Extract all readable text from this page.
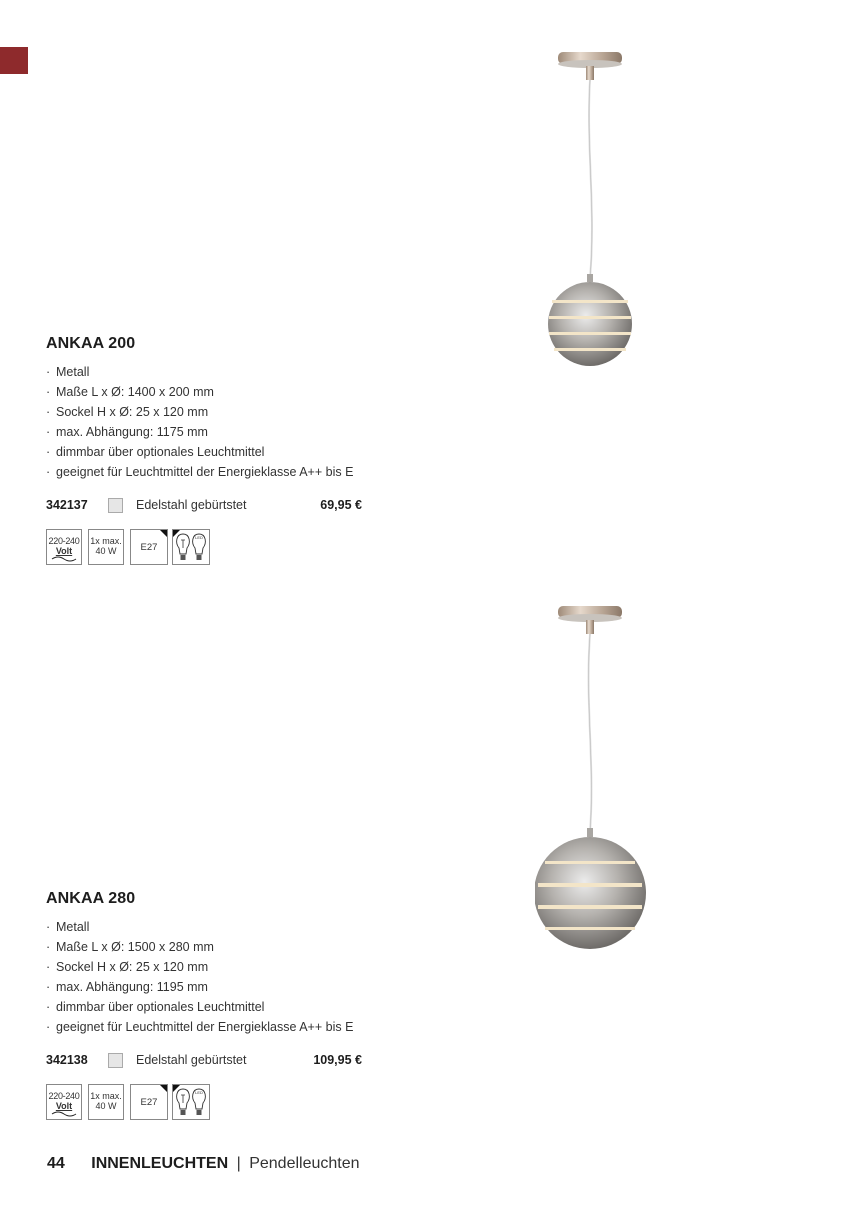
ANKAA 200
· Metall
· Maße L x Ø: 1400 x 200 mm
· Sockel H x Ø: 25 x 120 mm
· max. Abhängung: 1175 mm
· dimmbar über optionales Leuchtmittel
· geeignet für Leuchtmittel der Energieklasse A++ bis E
342137	Edelstahl gebürtstet	69,95 €
220-240
Volt
1x max.
40 W	E27
LED
ANKAA 280
· Metall
· Maße L x Ø: 1500 x 280 mm
· Sockel H x Ø: 25 x 120 mm
· max. Abhängung: 1195 mm
· dimmbar über optionales Leuchtmittel
· geeignet für Leuchtmittel der Energieklasse A++ bis E
342138	Edelstahl gebürtstet	109,95 €
220-240
Volt
1x max.
40 W	E27
LED
44 INNENLEUCHTEN | Pendelleuchten
